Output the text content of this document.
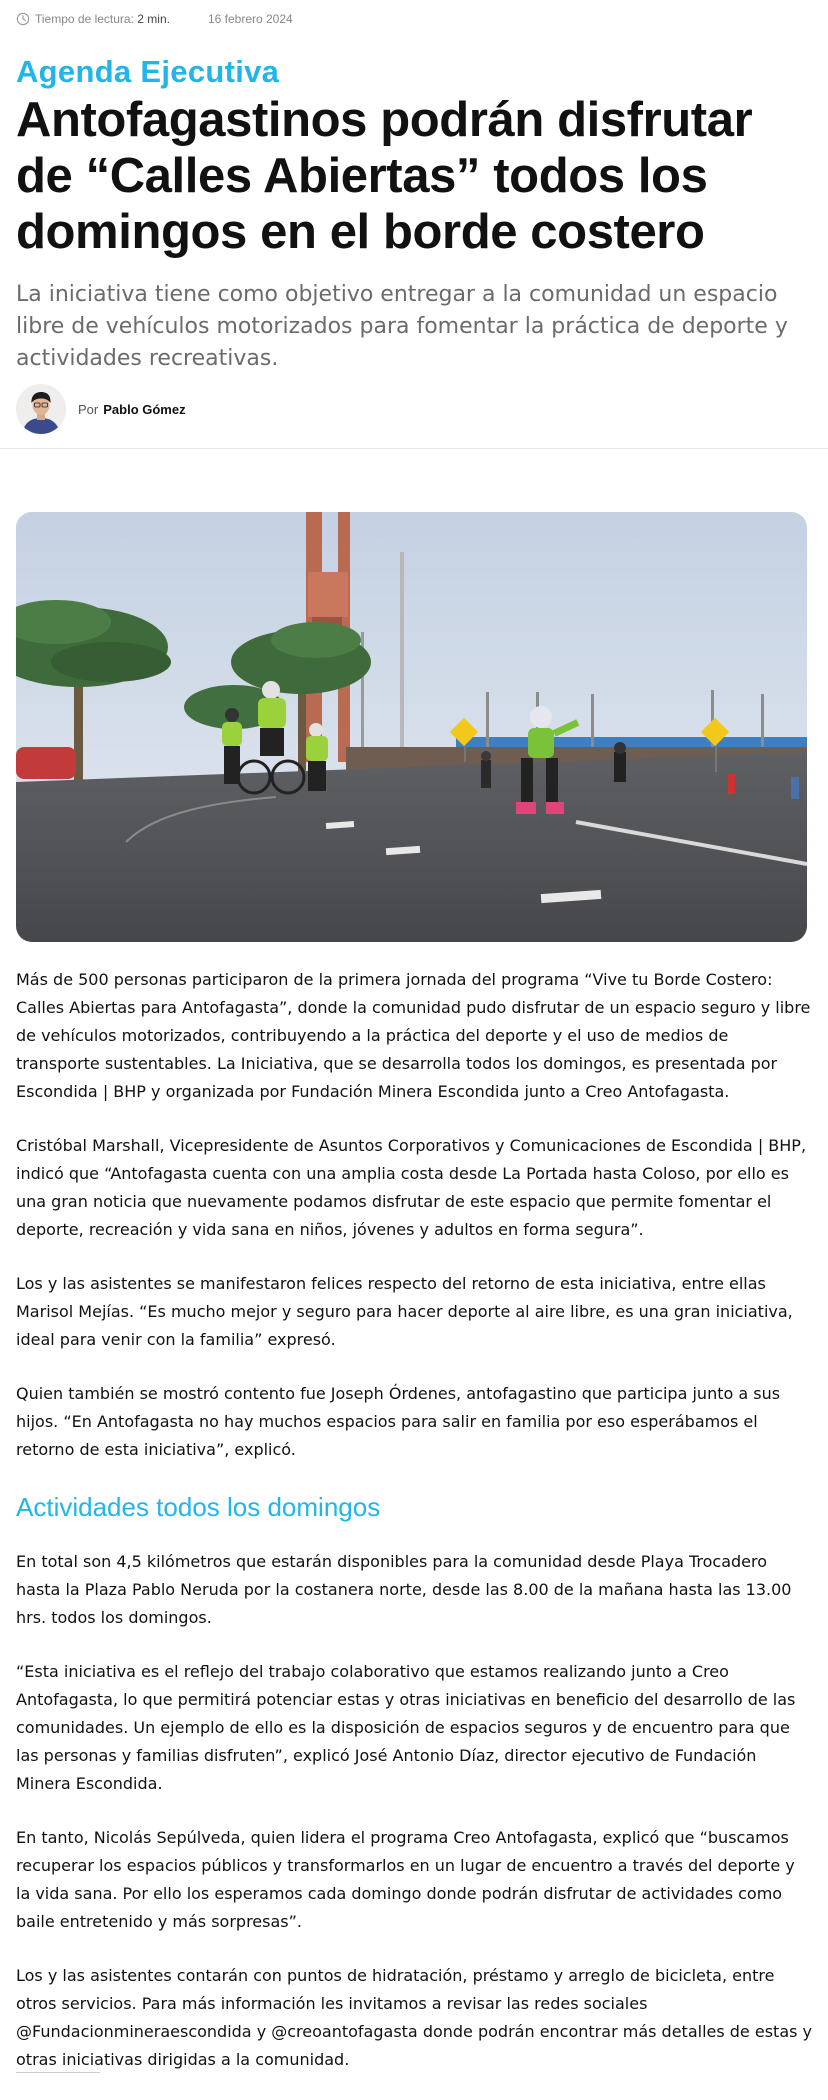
Tiempo de lectura: 2 min.	16 febrero 2024
Agenda Ejecutiva
Antofagastinos podrán disfrutar de “Calles Abiertas” todos los domingos en el borde costero

La iniciativa tiene como objetivo entregar a la comunidad un espacio libre de vehículos motorizados para fomentar la práctica de deporte y actividades recreativas.

Por Pablo Gómez

Más de 500 personas participaron de la primera jornada del programa “Vive tu Borde Costero: Calles Abiertas para Antofagasta”, donde la comunidad pudo disfrutar de un espacio seguro y libre de vehículos motorizados, contribuyendo a la práctica del deporte y el uso de medios de transporte sustentables. La Iniciativa, que se desarrolla todos los domingos, es presentada por Escondida | BHP y organizada por Fundación Minera Escondida junto a Creo Antofagasta.

Cristóbal Marshall, Vicepresidente de Asuntos Corporativos y Comunicaciones de Escondida | BHP, indicó que “Antofagasta cuenta con una amplia costa desde La Portada hasta Coloso, por ello es una gran noticia que nuevamente podamos disfrutar de este espacio que permite fomentar el deporte, recreación y vida sana en niños, jóvenes y adultos en forma segura”.

Los y las asistentes se manifestaron felices respecto del retorno de esta iniciativa, entre ellas Marisol Mejías. “Es mucho mejor y seguro para hacer deporte al aire libre, es una gran iniciativa, ideal para venir con la familia” expresó.

Quien también se mostró contento fue Joseph Órdenes, antofagastino que participa junto a sus hijos. “En Antofagasta no hay muchos espacios para salir en familia por eso esperábamos el retorno de esta iniciativa”, explicó.

Actividades todos los domingos

En total son 4,5 kilómetros que estarán disponibles para la comunidad desde Playa Trocadero hasta la Plaza Pablo Neruda por la costanera norte, desde las 8.00 de la mañana hasta las 13.00 hrs. todos los domingos.

“Esta iniciativa es el reflejo del trabajo colaborativo que estamos realizando junto a Creo Antofagasta, lo que permitirá potenciar estas y otras iniciativas en beneficio del desarrollo de las comunidades. Un ejemplo de ello es la disposición de espacios seguros y de encuentro para que las personas y familias disfruten”, explicó José Antonio Díaz, director ejecutivo de Fundación Minera Escondida.

En tanto, Nicolás Sepúlveda, quien lidera el programa Creo Antofagasta, explicó que “buscamos recuperar los espacios públicos y transformarlos en un lugar de encuentro a través del deporte y la vida sana. Por ello los esperamos cada domingo donde podrán disfrutar de actividades como baile entretenido y más sorpresas”.

Los y las asistentes contarán con puntos de hidratación, préstamo y arreglo de bicicleta, entre otros servicios. Para más información les invitamos a revisar las redes sociales @Fundacionmineraescondida y @creoantofagasta donde podrán encontrar más detalles de estas y otras iniciativas dirigidas a la comunidad.
